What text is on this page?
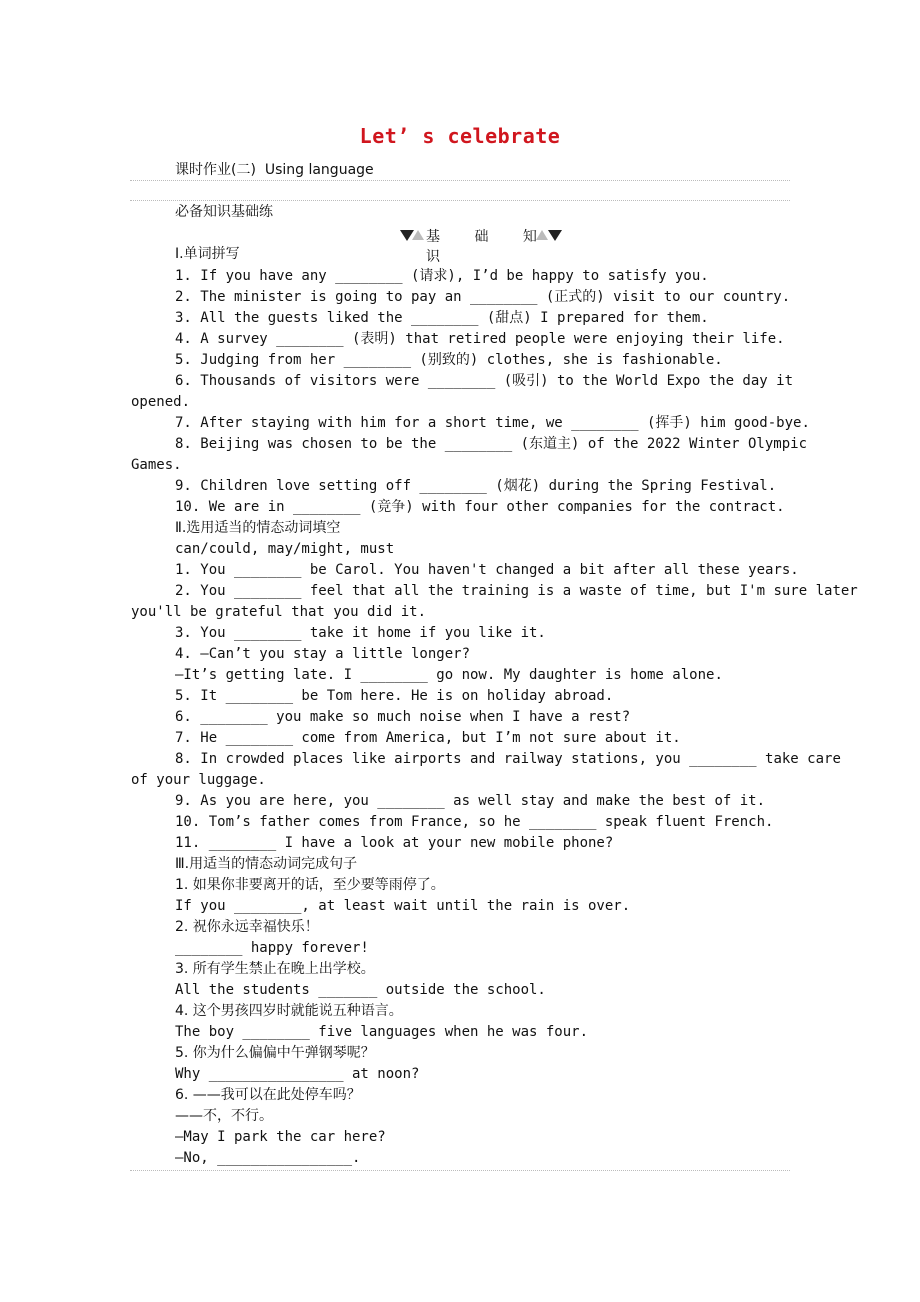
Let’ s celebrate
课时作业(二)  Using language
必备知识基础练
基 础 知 识
Ⅰ.单词拼写
1. If you have any ________ (请求), I’d be happy to satisfy you.
2. The minister is going to pay an ________ (正式的) visit to our country.
3. All the guests liked the ________ (甜点) I prepared for them.
4. A survey ________ (表明) that retired people were enjoying their life.
5. Judging from her ________ (别致的) clothes, she is fashionable.
6. Thousands of visitors were ________ (吸引) to the World Expo the day it
opened.
7. After staying with him for a short time, we ________ (挥手) him good-bye.
8. Beijing was chosen to be the ________ (东道主) of the 2022 Winter Olympic
Games.
9. Children love setting off ________ (烟花) during the Spring Festival.
10. We are in ________ (竞争) with four other companies for the contract.
Ⅱ.选用适当的情态动词填空
can/could, may/might, must
1. You ________ be Carol. You haven't changed a bit after all these years.
2. You ________ feel that all the training is a waste of time, but I'm sure later
you'll be grateful that you did it.
3. You ________ take it home if you like it.
4. —Can’t you stay a little longer?
—It’s getting late. I ________ go now. My daughter is home alone.
5. It ________ be Tom here. He is on holiday abroad.
6. ________ you make so much noise when I have a rest?
7. He ________ come from America, but I’m not sure about it.
8. In crowded places like airports and railway stations, you ________ take care
of your luggage.
9. As you are here, you ________ as well stay and make the best of it.
10. Tom’s father comes from France, so he ________ speak fluent French.
11. ________ I have a look at your new mobile phone?
Ⅲ.用适当的情态动词完成句子
1. 如果你非要离开的话，至少要等雨停了。
If you ________, at least wait until the rain is over.
2. 祝你永远幸福快乐！
________ happy forever!
3. 所有学生禁止在晚上出学校。
All the students _______ outside the school.
4. 这个男孩四岁时就能说五种语言。
The boy ________ five languages when he was four.
5. 你为什么偏偏中午弹钢琴呢？
Why ________________ at noon?
6. ——我可以在此处停车吗？
——不，不行。
—May I park the car here?
—No, ________________.
